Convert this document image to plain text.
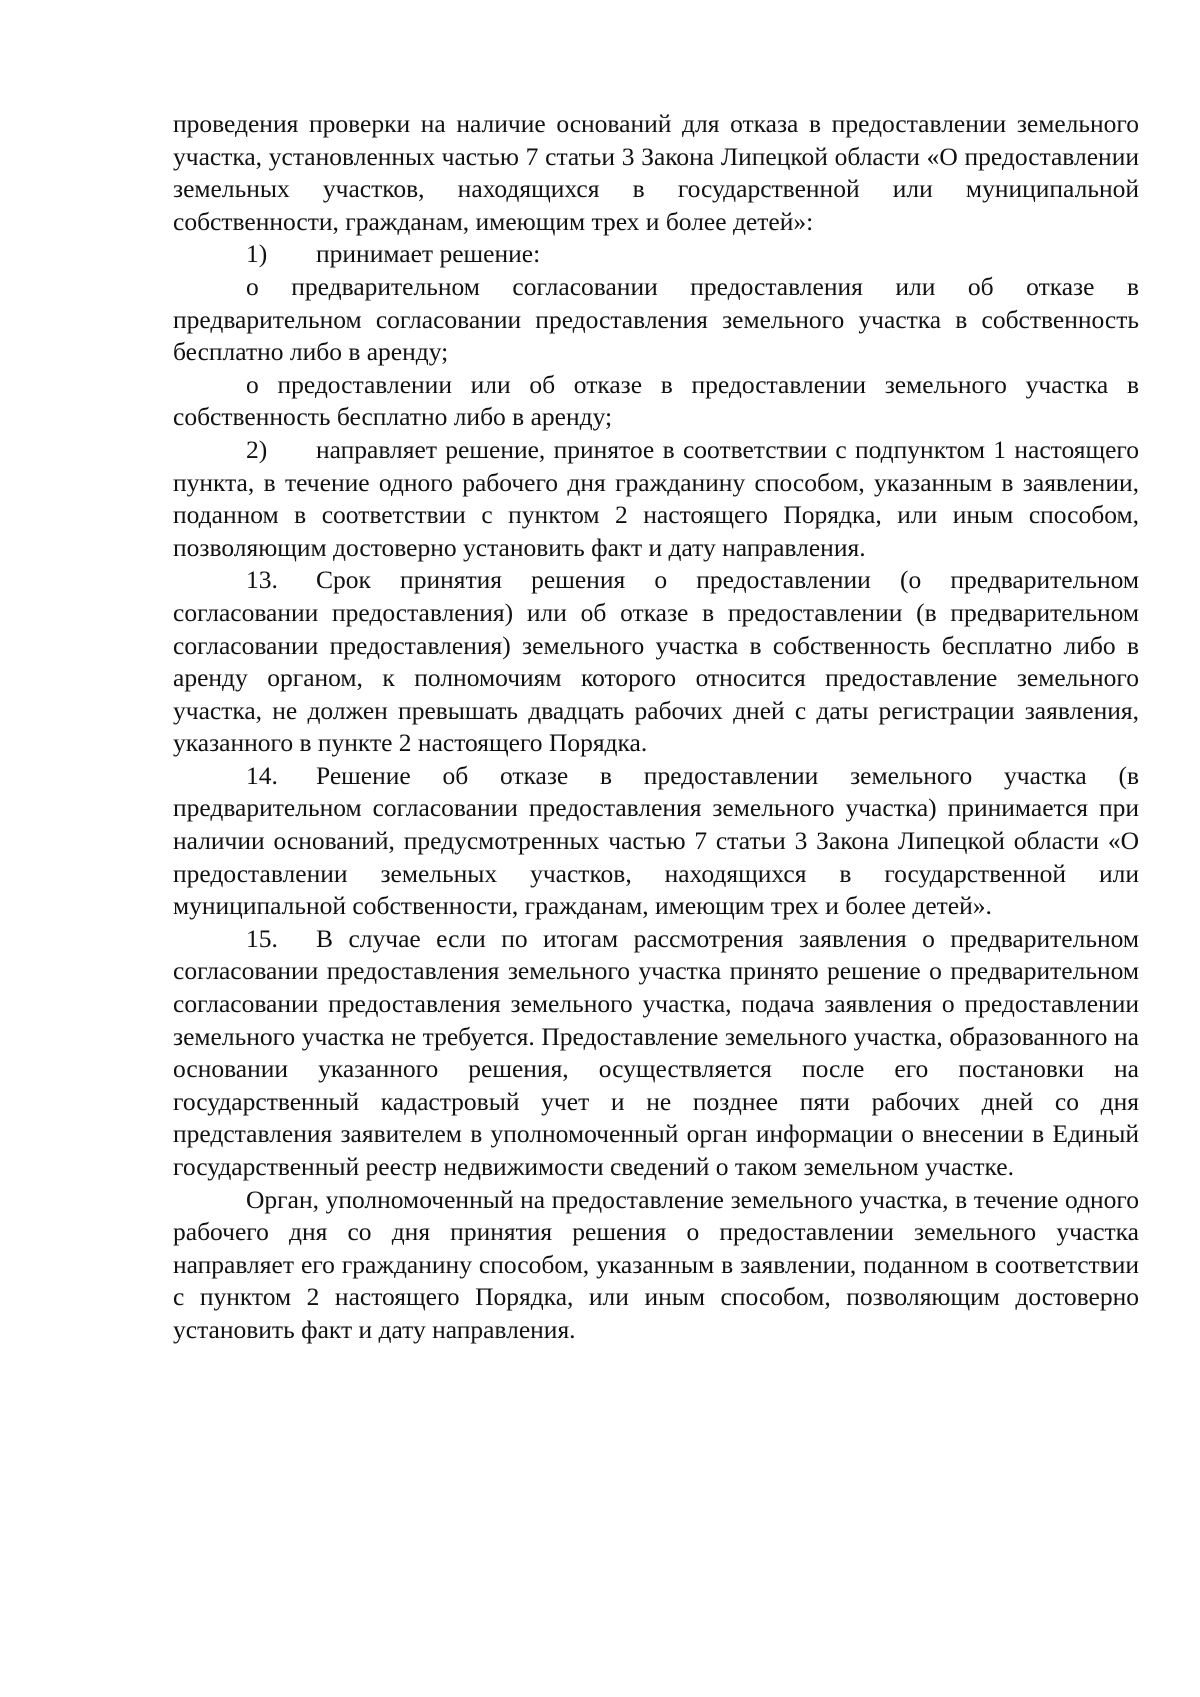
проведения проверки на наличие оснований для отказа в предоставлении земельного участка, установленных частью 7 статьи 3 Закона Липецкой области «О предоставлении земельных участков, находящихся в государственной или муниципальной собственности, гражданам, имеющим трех и более детей»:

1) принимает решение:

о предварительном согласовании предоставления или об отказе в предварительном согласовании предоставления земельного участка в собственность бесплатно либо в аренду;

о предоставлении или об отказе в предоставлении земельного участка в собственность бесплатно либо в аренду;

2) направляет решение, принятое в соответствии с подпунктом 1 настоящего пункта, в течение одного рабочего дня гражданину способом, указанным в заявлении, поданном в соответствии с пунктом 2 настоящего Порядка, или иным способом, позволяющим достоверно установить факт и дату направления.

13. Срок принятия решения о предоставлении (о предварительном согласовании предоставления) или об отказе в предоставлении (в предварительном согласовании предоставления) земельного участка в собственность бесплатно либо в аренду органом, к полномочиям которого относится предоставление земельного участка, не должен превышать двадцать рабочих дней с даты регистрации заявления, указанного в пункте 2 настоящего Порядка.

14. Решение об отказе в предоставлении земельного участка (в предварительном согласовании предоставления земельного участка) принимается при наличии оснований, предусмотренных частью 7 статьи 3 Закона Липецкой области «О предоставлении земельных участков, находящихся в государственной или муниципальной собственности, гражданам, имеющим трех и более детей».

15. В случае если по итогам рассмотрения заявления о предварительном согласовании предоставления земельного участка принято решение о предварительном согласовании предоставления земельного участка, подача заявления о предоставлении земельного участка не требуется. Предоставление земельного участка, образованного на основании указанного решения, осуществляется после его постановки на государственный кадастровый учет и не позднее пяти рабочих дней со дня представления заявителем в уполномоченный орган информации о внесении в Единый государственный реестр недвижимости сведений о таком земельном участке.

Орган, уполномоченный на предоставление земельного участка, в течение одного рабочего дня со дня принятия решения о предоставлении земельного участка направляет его гражданину способом, указанным в заявлении, поданном в соответствии с пунктом 2 настоящего Порядка, или иным способом, позволяющим достоверно установить факт и дату направления.
